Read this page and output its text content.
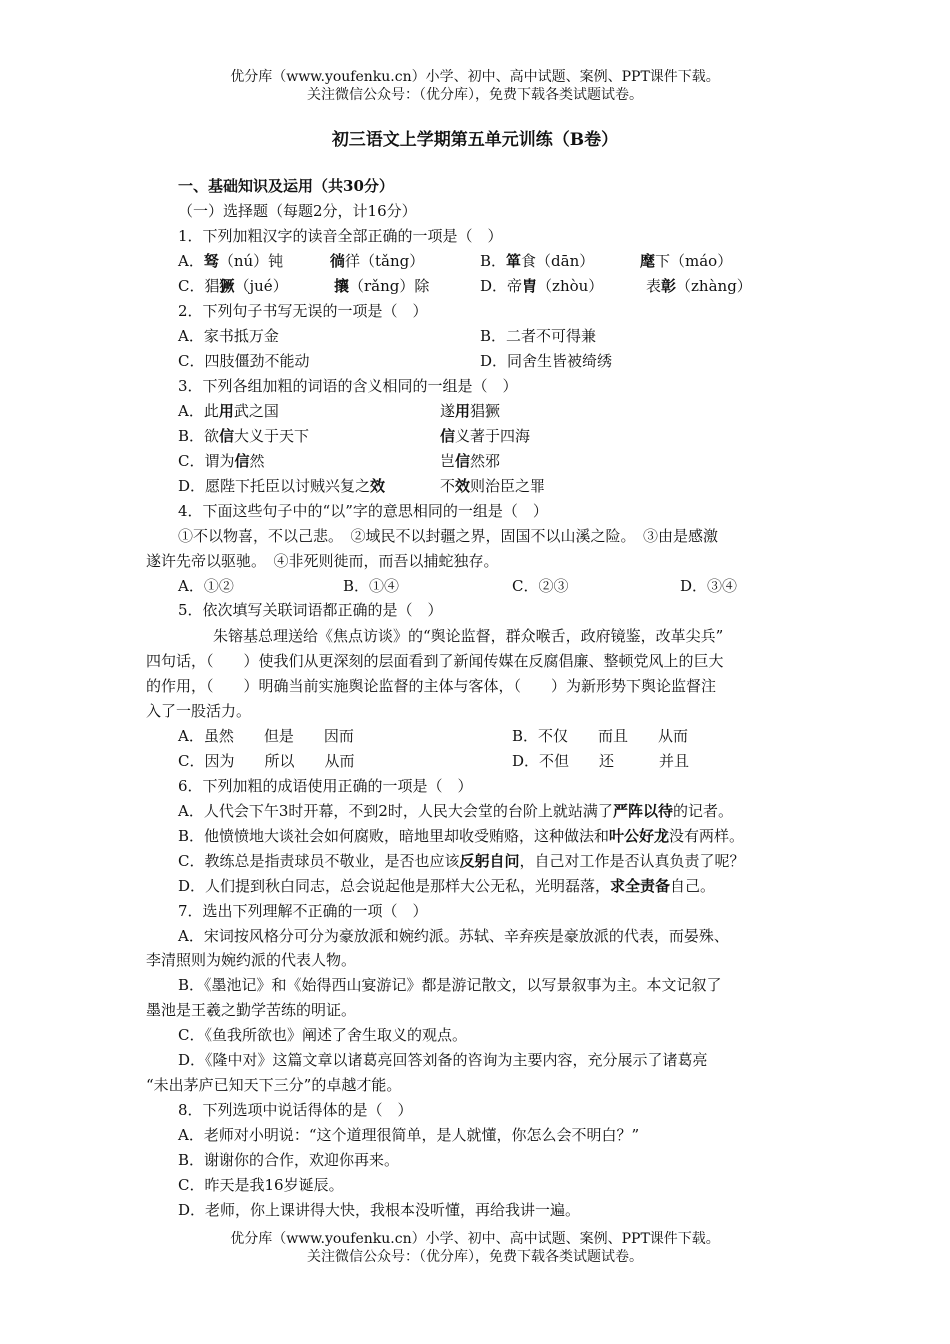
优分库（www.youfenku.cn）小学、初中、高中试题、案例、PPT课件下载。
关注微信公众号：（优分库），免费下载各类试题试卷。
初三语文上学期第五单元训练（B卷）
一、基础知识及运用（共30分）
（一）选择题（每题2分，计16分）
1．下列加粗汉字的读音全部正确的一项是（　）
A．驽（nú）钝	徜徉（tǎng）	B．箪食（dān）	麾下（máo）
C．猖獗（jué）	攘（rǎng）除	D．帝胄（zhòu）	表彰（zhàng）
2．下列句子书写无误的一项是（　）
A．家书抵万金	B．二者不可得兼
C．四肢僵劲不能动	D．同舍生皆被绮绣
3．下列各组加粗的词语的含义相同的一组是（　）
A．此用武之国	遂用猖獗
B．欲信大义于天下	信义著于四海
C．谓为信然	岂信然邪
D．愿陛下托臣以讨贼兴复之效	不效则治臣之罪
4．下面这些句子中的“以”字的意思相同的一组是（　）
①不以物喜，不以己悲。　②域民不以封疆之界，固国不以山溪之险。　③由是感激
遂许先帝以驱驰。　④非死则徙而，而吾以捕蛇独存。
A．①②	B．①④	C．②③	D．③④
5．依次填写关联词语都正确的是（　）
朱镕基总理送给《焦点访谈》的“舆论监督，群众喉舌，政府镜鉴，改革尖兵”
四句话，（　　）使我们从更深刻的层面看到了新闻传媒在反腐倡廉、整顿党风上的巨大
的作用，（　　）明确当前实施舆论监督的主体与客体，（　　）为新形势下舆论监督注
入了一股活力。
A．虽然　　但是　　因而	B．不仅　　而且　　从而
C．因为　　所以　　从而	D．不但　　还　　　并且
6．下列加粗的成语使用正确的一项是（　）
A．人代会下午3时开幕，不到2时，人民大会堂的台阶上就站满了严阵以待的记者。
B．他愤愤地大谈社会如何腐败，暗地里却收受贿赂，这种做法和叶公好龙没有两样。
C．教练总是指责球员不敬业，是否也应该反躬自问，自己对工作是否认真负责了呢？
D．人们提到秋白同志，总会说起他是那样大公无私，光明磊落，求全责备自己。
7．选出下列理解不正确的一项（　）
A．宋词按风格分可分为豪放派和婉约派。苏轼、辛弃疾是豪放派的代表，而晏殊、
李清照则为婉约派的代表人物。
B．《墨池记》和《始得西山宴游记》都是游记散文，以写景叙事为主。本文记叙了
墨池是王羲之勤学苦练的明证。
C．《鱼我所欲也》阐述了舍生取义的观点。
D．《隆中对》这篇文章以诸葛亮回答刘备的咨询为主要内容，充分展示了诸葛亮
“未出茅庐已知天下三分”的卓越才能。
8．下列选项中说话得体的是（　）
A．老师对小明说：“这个道理很简单，是人就懂，你怎么会不明白？”
B．谢谢你的合作，欢迎你再来。
C．昨天是我16岁诞辰。
D．老师，你上课讲得大快，我根本没听懂，再给我讲一遍。
优分库（www.youfenku.cn）小学、初中、高中试题、案例、PPT课件下载。
关注微信公众号：（优分库），免费下载各类试题试卷。
